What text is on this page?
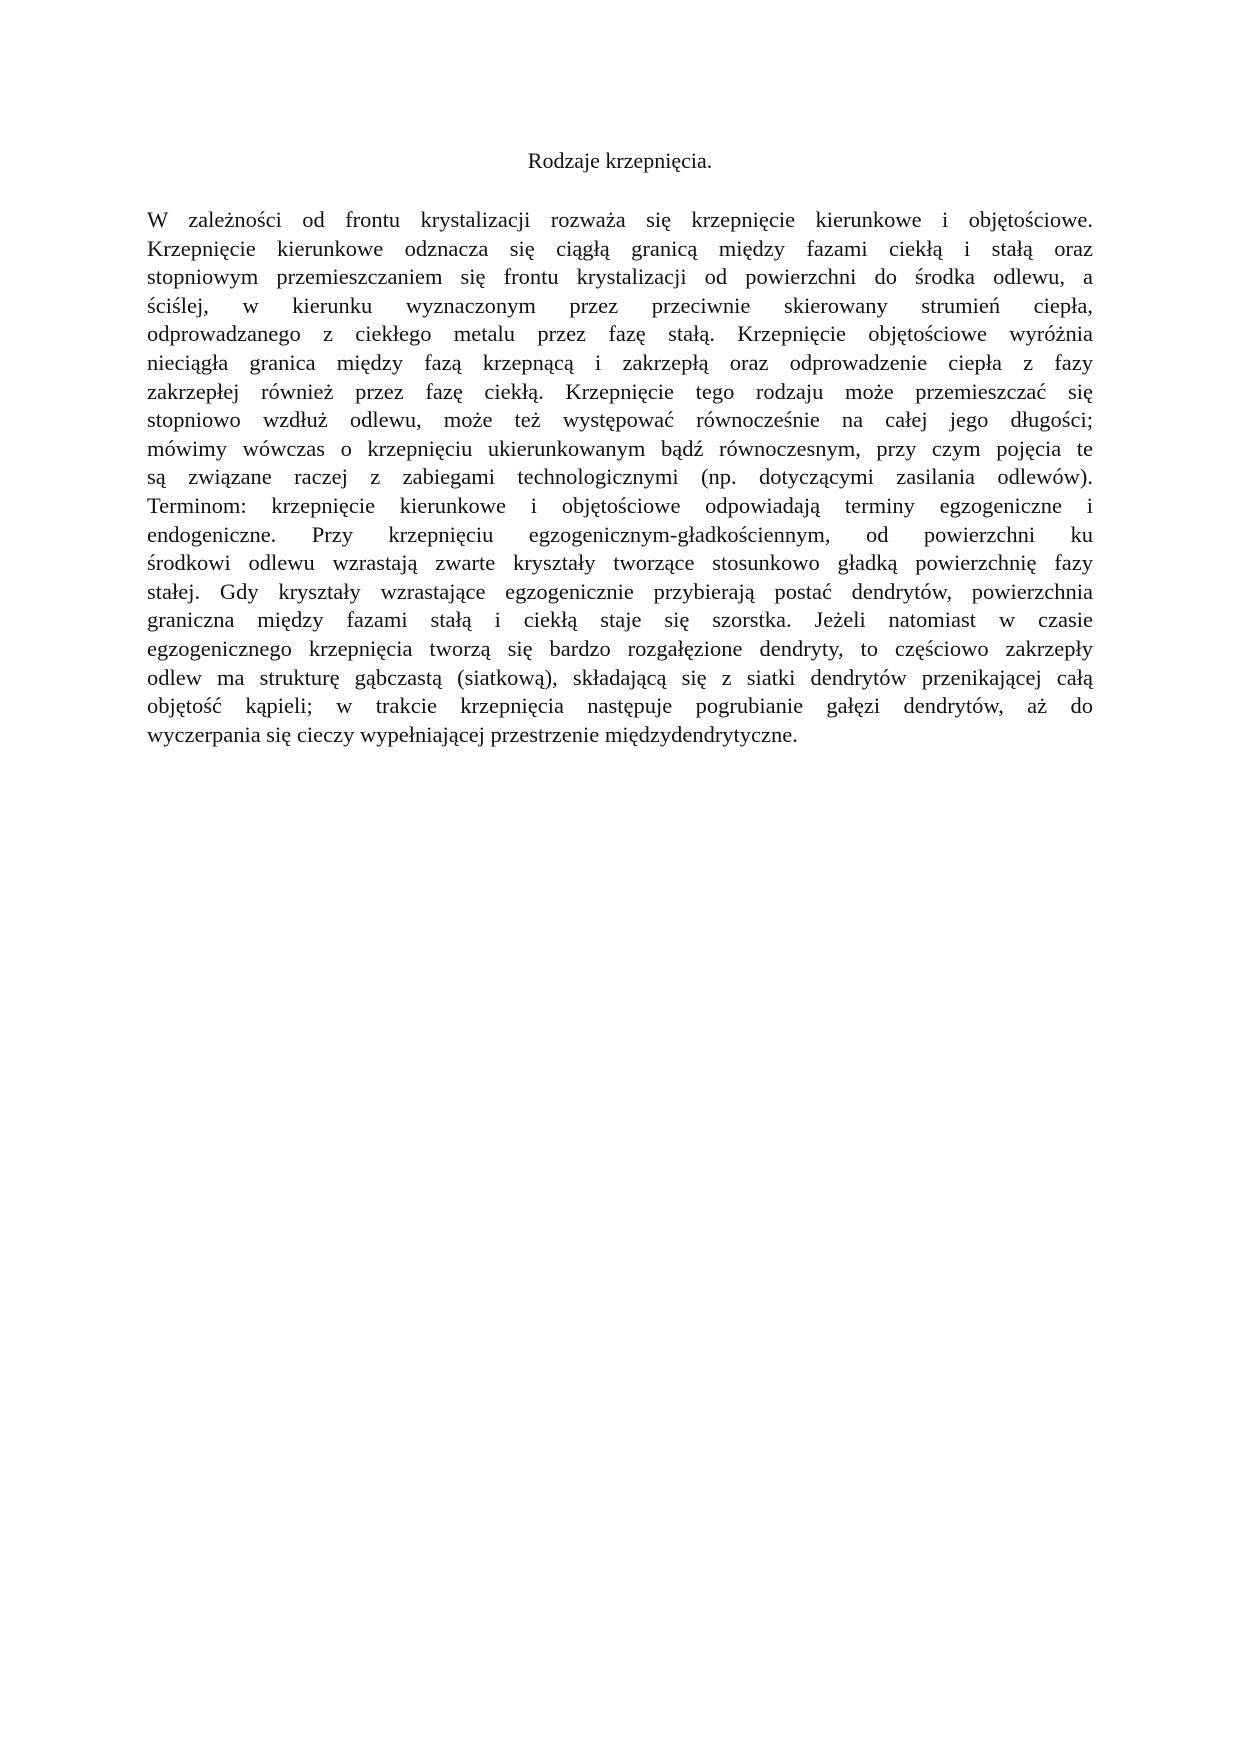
Rodzaje krzepnięcia.
W zależności od frontu krystalizacji rozważa się krzepnięcie kierunkowe i objętościowe.
Krzepnięcie kierunkowe odznacza się ciągłą granicą między fazami ciekłą i stałą oraz
stopniowym przemieszczaniem się frontu krystalizacji od powierzchni do środka odlewu, a
ściślej, w kierunku wyznaczonym przez przeciwnie skierowany strumień ciepła,
odprowadzanego z ciekłego metalu przez fazę stałą. Krzepnięcie objętościowe wyróżnia
nieciągła granica między fazą krzepnącą i zakrzepłą oraz odprowadzenie ciepła z fazy
zakrzepłej również przez fazę ciekłą. Krzepnięcie tego rodzaju może przemieszczać się
stopniowo wzdłuż odlewu, może też występować równocześnie na całej jego długości;
mówimy wówczas o krzepnięciu ukierunkowanym bądź równoczesnym, przy czym pojęcia te
są związane raczej z zabiegami technologicznymi (np. dotyczącymi zasilania odlewów).
Terminom: krzepnięcie kierunkowe i objętościowe odpowiadają terminy egzogeniczne i
endogeniczne. Przy krzepnięciu egzogenicznym-gładkościennym, od powierzchni ku
środkowi odlewu wzrastają zwarte kryształy tworzące stosunkowo gładką powierzchnię fazy
stałej. Gdy kryształy wzrastające egzogenicznie przybierają postać dendrytów, powierzchnia
graniczna między fazami stałą i ciekłą staje się szorstka. Jeżeli natomiast w czasie
egzogenicznego krzepnięcia tworzą się bardzo rozgałęzione dendryty, to częściowo zakrzepły
odlew ma strukturę gąbczastą (siatkową), składającą się z siatki dendrytów przenikającej całą
objętość kąpieli; w trakcie krzepnięcia następuje pogrubianie gałęzi dendrytów, aż do
wyczerpania się cieczy wypełniającej przestrzenie międzydendrytyczne.
